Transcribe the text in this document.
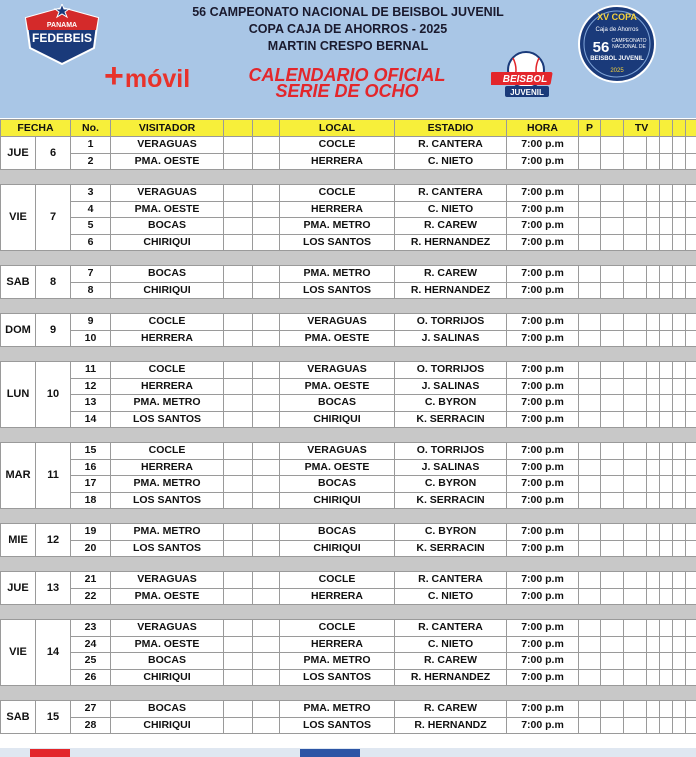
PANAMA
FEDEBEIS
56 CAMPEONATO NACIONAL DE BEISBOL JUVENIL
COPA CAJA DE AHORROS - 2025
MARTIN CRESPO BERNAL
XV COPA
Caja de Ahorros
56 CAMPEONATO
NACIONAL DE
BEISBOL JUVENIL
2025
+móvil	CALENDARIO OFICIAL
SERIE DE OCHO
BEISBOL
JUVENIL
FECHA		No.	VISITADOR			LOCAL	ESTADIO	HORA	P		TV				
JUE	6	1	VERAGUAS			COCLE	R. CANTERA	7:00 p.m							
		2	PMA. OESTE			HERRERA	C. NIETO	7:00 p.m							

VIE	7	3	VERAGUAS			COCLE	R. CANTERA	7:00 p.m							
		4	PMA. OESTE			HERRERA	C. NIETO	7:00 p.m							
		5	BOCAS			PMA. METRO	R. CAREW	7:00 p.m							
		6	CHIRIQUI			LOS SANTOS	R. HERNANDEZ	7:00 p.m							

SAB	8	7	BOCAS			PMA. METRO	R. CAREW	7:00 p.m							
		8	CHIRIQUI			LOS SANTOS	R. HERNANDEZ	7:00 p.m							

DOM	9	9	COCLE			VERAGUAS	O. TORRIJOS	7:00 p.m							
		10	HERRERA			PMA. OESTE	J. SALINAS	7:00 p.m							

LUN	10	11	COCLE			VERAGUAS	O. TORRIJOS	7:00 p.m							
		12	HERRERA			PMA. OESTE	J. SALINAS	7:00 p.m							
		13	PMA. METRO			BOCAS	C. BYRON	7:00 p.m							
		14	LOS SANTOS			CHIRIQUI	K. SERRACIN	7:00 p.m							

MAR	11	15	COCLE			VERAGUAS	O. TORRIJOS	7:00 p.m							
		16	HERRERA			PMA. OESTE	J. SALINAS	7:00 p.m							
		17	PMA. METRO			BOCAS	C. BYRON	7:00 p.m							
		18	LOS SANTOS			CHIRIQUI	K. SERRACIN	7:00 p.m							

MIE	12	19	PMA. METRO			BOCAS	C. BYRON	7:00 p.m							
		20	LOS SANTOS			CHIRIQUI	K. SERRACIN	7:00 p.m							

JUE	13	21	VERAGUAS			COCLE	R. CANTERA	7:00 p.m							
		22	PMA. OESTE			HERRERA	C. NIETO	7:00 p.m							

VIE	14	23	VERAGUAS			COCLE	R. CANTERA	7:00 p.m							
		24	PMA. OESTE			HERRERA	C. NIETO	7:00 p.m							
		25	BOCAS			PMA. METRO	R. CAREW	7:00 p.m							
		26	CHIRIQUI			LOS SANTOS	R. HERNANDEZ	7:00 p.m							

SAB	15	27	BOCAS			PMA. METRO	R. CAREW	7:00 p.m							
		28	CHIRIQUI			LOS SANTOS	R. HERNANDZ	7:00 p.m							
